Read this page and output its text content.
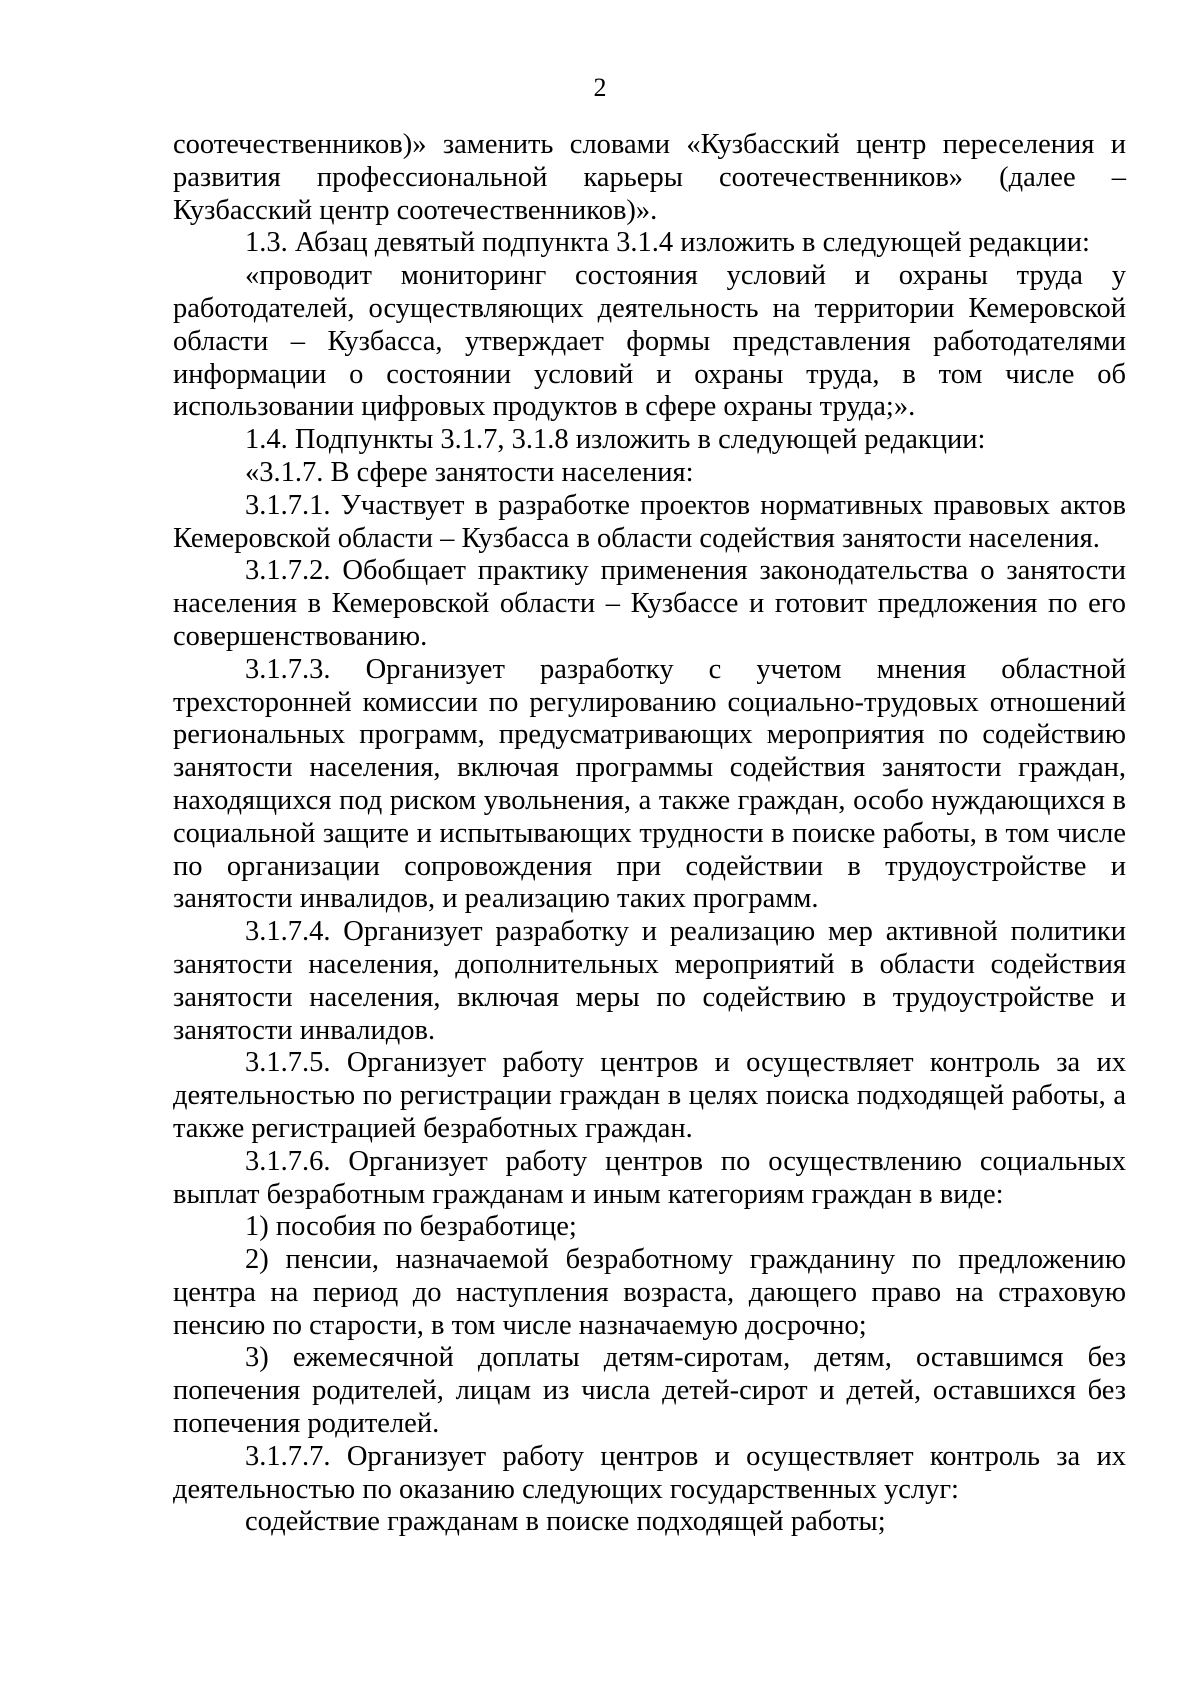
2

соотечественников)» заменить словами «Кузбасский центр переселения и развития профессиональной карьеры соотечественников» (далее – Кузбасский центр соотечественников)».

1.3. Абзац девятый подпункта 3.1.4 изложить в следующей редакции:

«проводит мониторинг состояния условий и охраны труда у работодателей, осуществляющих деятельность на территории Кемеровской области – Кузбасса, утверждает формы представления работодателями информации о состоянии условий и охраны труда, в том числе об использовании цифровых продуктов в сфере охраны труда;».

1.4. Подпункты 3.1.7, 3.1.8 изложить в следующей редакции:

«3.1.7. В сфере занятости населения:

3.1.7.1. Участвует в разработке проектов нормативных правовых актов Кемеровской области – Кузбасса в области содействия занятости населения.

3.1.7.2. Обобщает практику применения законодательства о занятости населения в Кемеровской области – Кузбассе и готовит предложения по его совершенствованию.

3.1.7.3. Организует разработку с учетом мнения областной трехсторонней комиссии по регулированию социально-трудовых отношений региональных программ, предусматривающих мероприятия по содействию занятости населения, включая программы содействия занятости граждан, находящихся под риском увольнения, а также граждан, особо нуждающихся в социальной защите и испытывающих трудности в поиске работы, в том числе по организации сопровождения при содействии в трудоустройстве и занятости инвалидов, и реализацию таких программ.

3.1.7.4. Организует разработку и реализацию мер активной политики занятости населения, дополнительных мероприятий в области содействия занятости населения, включая меры по содействию в трудоустройстве и занятости инвалидов.

3.1.7.5. Организует работу центров и осуществляет контроль за их деятельностью по регистрации граждан в целях поиска подходящей работы, а также регистрацией безработных граждан.

3.1.7.6. Организует работу центров по осуществлению социальных выплат безработным гражданам и иным категориям граждан в виде:

1) пособия по безработице;

2) пенсии, назначаемой безработному гражданину по предложению центра на период до наступления возраста, дающего право на страховую пенсию по старости, в том числе назначаемую досрочно;

3) ежемесячной доплаты детям-сиротам, детям, оставшимся без попечения родителей, лицам из числа детей-сирот и детей, оставшихся без попечения родителей.

3.1.7.7. Организует работу центров и осуществляет контроль за их деятельностью по оказанию следующих государственных услуг:

содействие гражданам в поиске подходящей работы;
